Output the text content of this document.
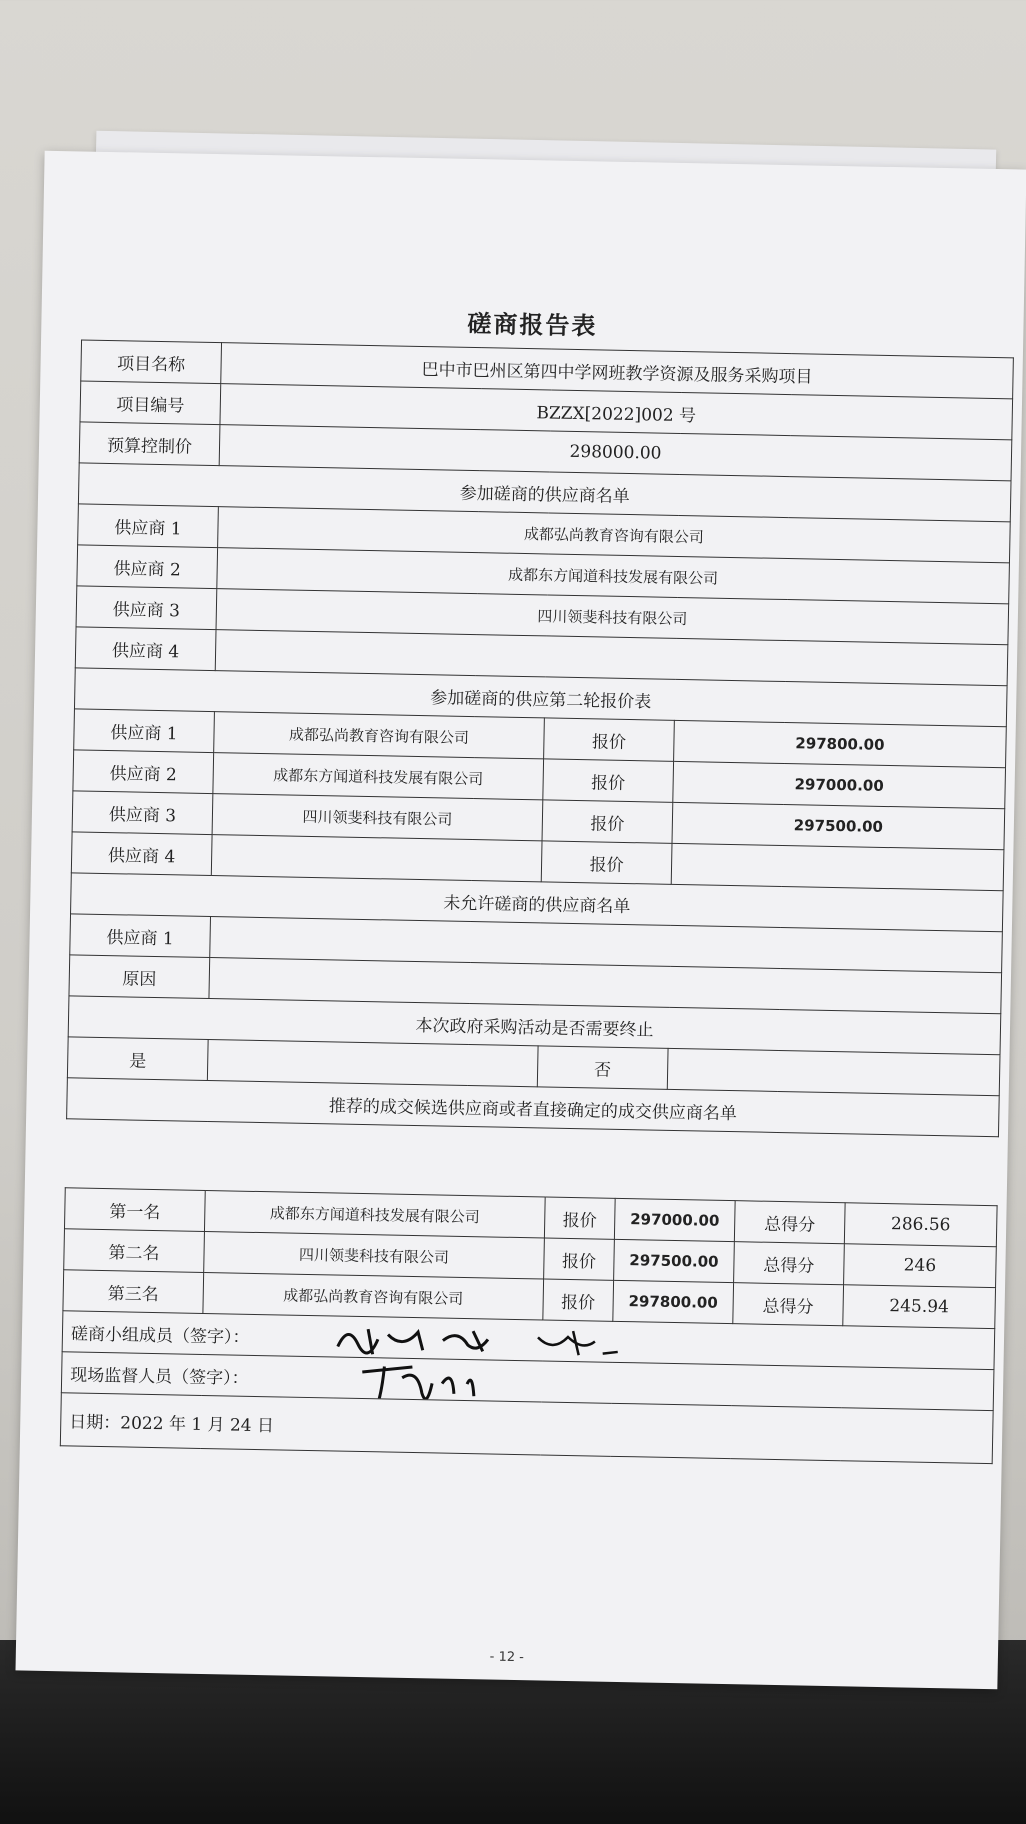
磋商报告表
项目名称	巴中市巴州区第四中学网班教学资源及服务采购项目		
项目编号	BZZX[2022]002 号		
预算控制价	298000.00		
参加磋商的供应商名单			
供应商 1	成都弘尚教育咨询有限公司		
供应商 2	成都东方闻道科技发展有限公司		
供应商 3	四川领斐科技有限公司		
供应商 4			
参加磋商的供应第二轮报价表			
供应商 1	成都弘尚教育咨询有限公司	报价	297800.00
供应商 2	成都东方闻道科技发展有限公司	报价	297000.00
供应商 3	四川领斐科技有限公司	报价	297500.00
供应商 4		报价	
未允许磋商的供应商名单			
供应商 1			
原因			
本次政府采购活动是否需要终止			
是		否	
推荐的成交候选供应商或者直接确定的成交供应商名单			
第一名	成都东方闻道科技发展有限公司	报价	297000.00	总得分	286.56
第二名	四川领斐科技有限公司	报价	297500.00	总得分	246
第三名	成都弘尚教育咨询有限公司	报价	297800.00	总得分	245.94
磋商小组成员（签字）：					

现场监督人员（签字）：					

日期：2022 年 1 月 24 日					
- 12 -
